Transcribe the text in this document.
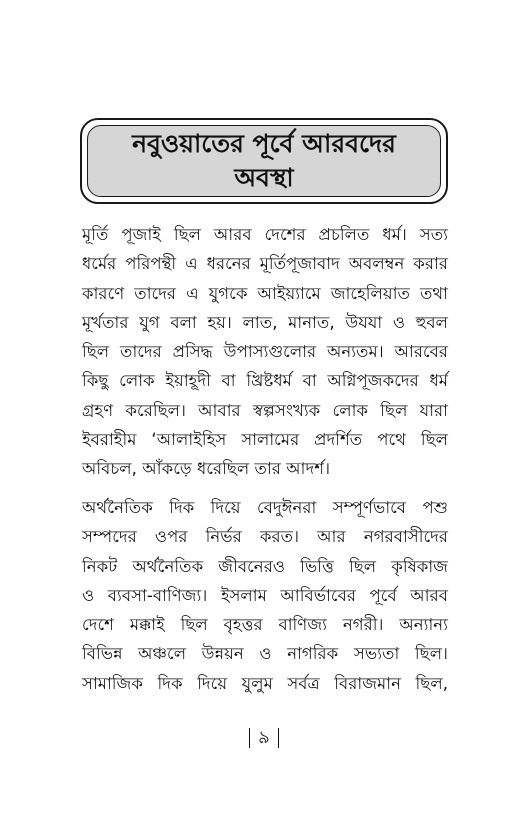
নবুওয়াতের পূর্বে আরবদের
অবস্থা
মূর্তি পূজাই ছিল আরব দেশের প্রচলিত ধর্ম। সত্য
ধর্মের পরিপন্থী এ ধরনের মূর্তিপূজাবাদ অবলম্বন করার
কারণে তাদের এ যুগকে আইয়্যামে জাহেলিয়াত তথা
মূর্খতার যুগ বলা হয়। লাত, মানাত, উযযা ও হুবল
ছিল তাদের প্রসিদ্ধ উপাস্যগুলোর অন্যতম। আরবের
কিছু লোক ইয়াহূদী বা খ্রিষ্টধর্ম বা অগ্নিপূজকদের ধর্ম
গ্রহণ করেছিল। আবার স্বল্পসংখ্যক লোক ছিল যারা
ইবরাহীম ‘আলাইহিস সালামের প্রদর্শিত পথে ছিল
অবিচল, আঁকড়ে ধরেছিল তার আদর্শ।
অর্থনৈতিক দিক দিয়ে বেদুঈনরা সম্পূর্ণভাবে পশু
সম্পদের ওপর নির্ভর করত। আর নগরবাসীদের
নিকট অর্থনৈতিক জীবনেরও ভিত্তি ছিল কৃষিকাজ
ও ব্যবসা-বাণিজ্য। ইসলাম আবির্ভাবের পূর্বে আরব
দেশে মক্কাই ছিল বৃহত্তর বাণিজ্য নগরী। অন্যান্য
বিভিন্ন অঞ্চলে উন্নয়ন ও নাগরিক সভ্যতা ছিল।
সামাজিক দিক দিয়ে যুলুম সর্বত্র বিরাজমান ছিল,
৯
